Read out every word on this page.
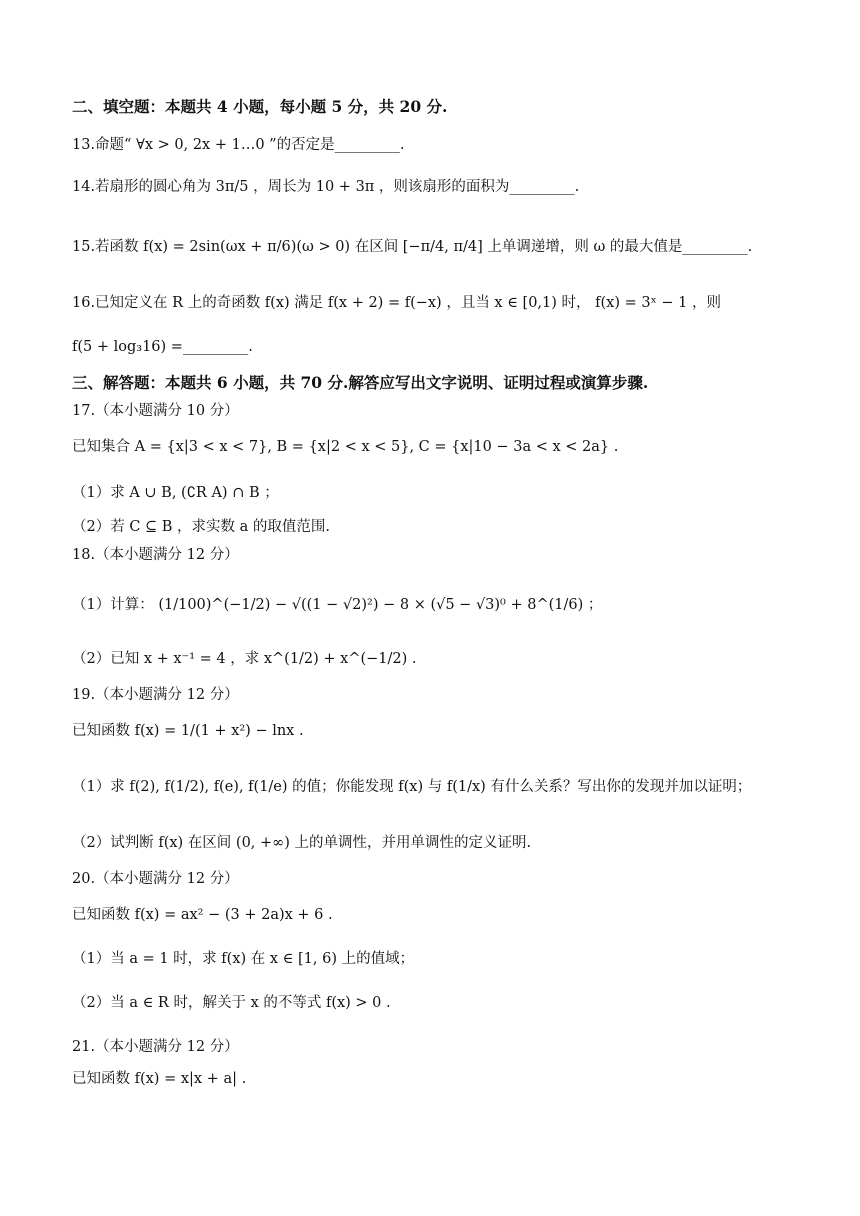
二、填空题：本题共 4 小题，每小题 5 分，共 20 分.
13.命题“ ∀x > 0, 2x + 1…0 ”的否定是_________.
14.若扇形的圆心角为 3π/5 ，周长为 10 + 3π ，则该扇形的面积为_________.
15.若函数 f(x) = 2sin(ωx + π/6)(ω > 0) 在区间 [−π/4, π/4] 上单调递增，则 ω 的最大值是_________.
16.已知定义在 R 上的奇函数 f(x) 满足 f(x + 2) = f(−x) ，且当 x ∈ [0,1) 时， f(x) = 3ˣ − 1 ，则
f(5 + log₃16) =_________.
三、解答题：本题共 6 小题，共 70 分.解答应写出文字说明、证明过程或演算步骤.
17.（本小题满分 10 分）
已知集合 A = {x|3 < x < 7}, B = {x|2 < x < 5}, C = {x|10 − 3a < x < 2a} .
（1）求 A ∪ B, (∁R A) ∩ B ；
（2）若 C ⊆ B ，求实数 a 的取值范围.
18.（本小题满分 12 分）
（1）计算： (1/100)^(−1/2) − √((1 − √2)²) − 8 × (√5 − √3)⁰ + 8^(1/6) ；
（2）已知 x + x⁻¹ = 4 ，求 x^(1/2) + x^(−1/2) .
19.（本小题满分 12 分）
已知函数 f(x) = 1/(1 + x²) − lnx .
（1）求 f(2), f(1/2), f(e), f(1/e) 的值；你能发现 f(x) 与 f(1/x) 有什么关系？写出你的发现并加以证明；
（2）试判断 f(x) 在区间 (0, +∞) 上的单调性，并用单调性的定义证明.
20.（本小题满分 12 分）
已知函数 f(x) = ax² − (3 + 2a)x + 6 .
（1）当 a = 1 时，求 f(x) 在 x ∈ [1, 6) 上的值域；
（2）当 a ∈ R 时，解关于 x 的不等式 f(x) > 0 .
21.（本小题满分 12 分）
已知函数 f(x) = x|x + a| .
